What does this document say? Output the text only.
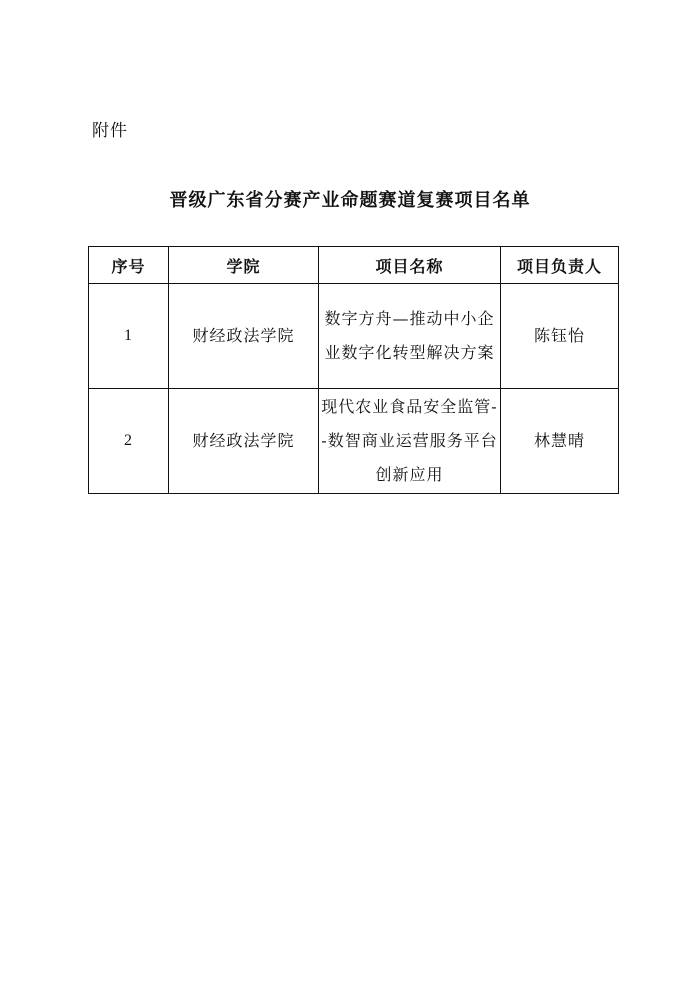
附件
晋级广东省分赛产业命题赛道复赛项目名单
序号	学院	项目名称	项目负责人
1	财经政法学院	数字方舟—推动中小企业数字化转型解决方案	陈钰怡
2	财经政法学院	现代农业食品安全监管--数智商业运营服务平台创新应用	林慧晴
